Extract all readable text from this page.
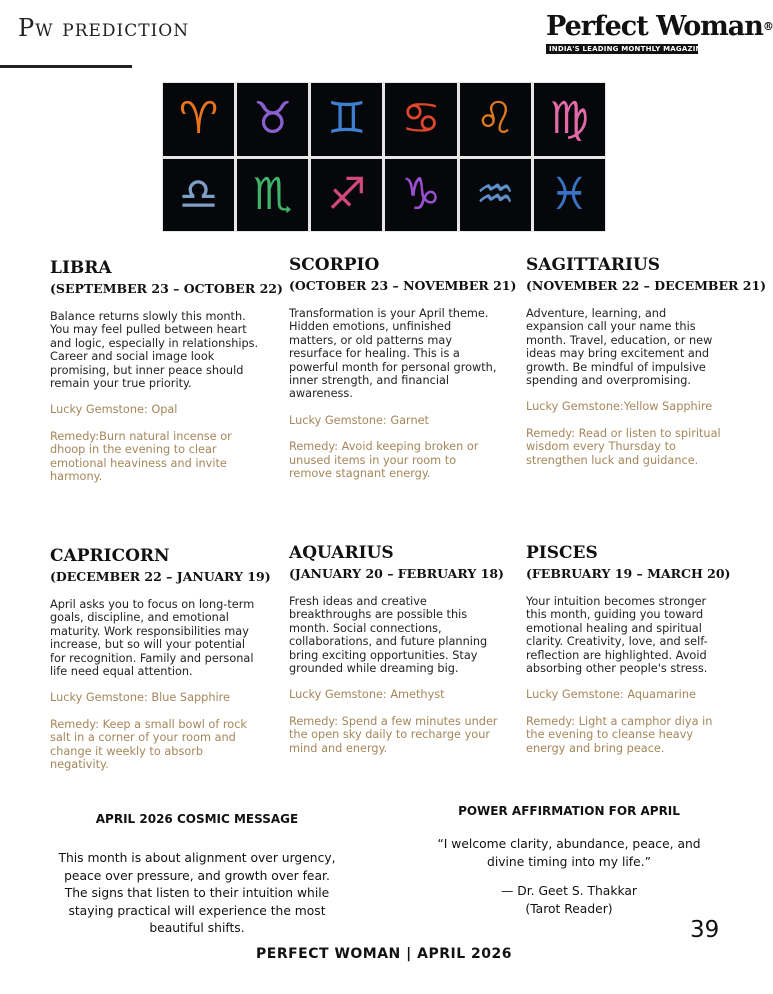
Pw prediction	Perfect Woman®
INDIA'S LEADING MONTHLY MAGAZINE
♈ ♉ ♊ ♋ ♌ ♍
♎ ♏ ♐ ♑ ♒ ♓
LIBRA
(SEPTEMBER 23 – OCTOBER 22)
Balance returns slowly this month. You may feel pulled between heart and logic, especially in relationships. Career and social image look promising, but inner peace should remain your true priority.
Lucky Gemstone: Opal
Remedy:Burn natural incense or dhoop in the evening to clear emotional heaviness and invite harmony.
SCORPIO
(OCTOBER 23 – NOVEMBER 21)
Transformation is your April theme. Hidden emotions, unfinished matters, or old patterns may resurface for healing. This is a powerful month for personal growth, inner strength, and financial awareness.
Lucky Gemstone: Garnet
Remedy: Avoid keeping broken or unused items in your room to remove stagnant energy.
SAGITTARIUS
(NOVEMBER 22 – DECEMBER 21)
Adventure, learning, and expansion call your name this month. Travel, education, or new ideas may bring excitement and growth. Be mindful of impulsive spending and overpromising.
Lucky Gemstone:Yellow Sapphire
Remedy: Read or listen to spiritual wisdom every Thursday to strengthen luck and guidance.
CAPRICORN
(DECEMBER 22 – JANUARY 19)
April asks you to focus on long-term goals, discipline, and emotional maturity. Work responsibilities may increase, but so will your potential for recognition. Family and personal life need equal attention.
Lucky Gemstone: Blue Sapphire
Remedy: Keep a small bowl of rock salt in a corner of your room and change it weekly to absorb negativity.
AQUARIUS
(JANUARY 20 – FEBRUARY 18)
Fresh ideas and creative breakthroughs are possible this month. Social connections, collaborations, and future planning bring exciting opportunities. Stay grounded while dreaming big.
Lucky Gemstone: Amethyst
Remedy: Spend a few minutes under the open sky daily to recharge your mind and energy.
PISCES
(FEBRUARY 19 – MARCH 20)
Your intuition becomes stronger this month, guiding you toward emotional healing and spiritual clarity. Creativity, love, and self-reflection are highlighted. Avoid absorbing other people's stress.
Lucky Gemstone: Aquamarine
Remedy: Light a camphor diya in the evening to cleanse heavy energy and bring peace.
APRIL 2026 COSMIC MESSAGE

This month is about alignment over urgency, peace over pressure, and growth over fear. The signs that listen to their intuition while staying practical will experience the most beautiful shifts.

POWER AFFIRMATION FOR APRIL

“I welcome clarity, abundance, peace, and divine timing into my life.”

— Dr. Geet S. Thakkar
(Tarot Reader)

39
PERFECT WOMAN | APRIL 2026
